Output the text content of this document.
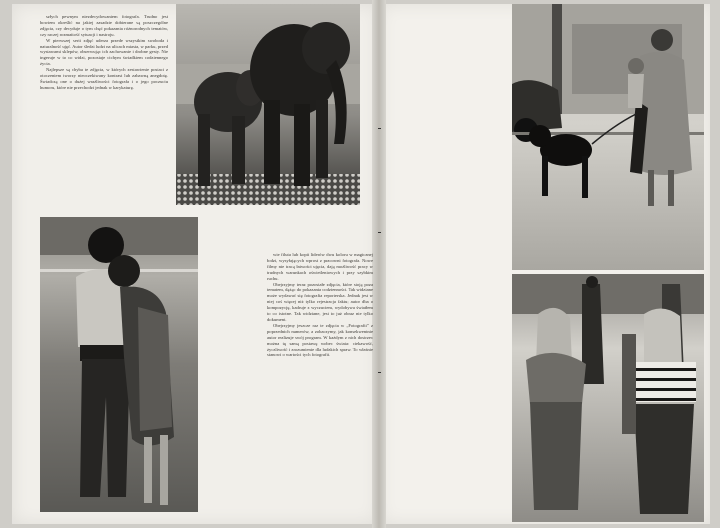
szłych pewnym niezdecydowaniem fotografa. Trudno jest bowiem określić na jakiej zasadzie dobierane są poszczególne zdjęcia, czy decyduje o tym chęć pokazania różnorodnych tematów, czy raczej rozmaitość sytuacji i nastroju.

W pierwszej serii zdjęć uderza przede wszystkim swoboda i naturalność ujęć. Autor śledzi ludzi na ulicach miasta, w parku, przed wystawami sklepów, obserwując ich zachowanie i drobne gesty. Nie ingeruje w to co widzi, pozostaje cichym świadkiem codziennego życia.

Najlepsze są chyba te zdjęcia, w których zestawienie postaci z otoczeniem tworzy nieoczekiwany kontrast lub zabawną anegdotę. Świadczą one o dużej wrażliwości fotografa i o jego poczuciu humoru, które nie przechodzi jednak w karykaturę.

wie filuta lub kopii liderów dwu koloru w magicznej łodzi, wysyłających wprost z pracowni fotografa. Nowe filmy nie tracą łatwości ujęcia, dają możliwość pracy w trudnych warunkach oświetleniowych i przy szybkim ruchu.

Obejrzyjmy teraz pozostałe zdjęcia, które stoją poza tematem, dążąc do pokazania codzienności. Tak widziane może wydawać się fotografia reporterska. Jednak jest w niej coś więcej niż tylko rejestracja faktu; autor dba o kompozycję, kadruje z wyczuciem, wydobywa światłem to co istotne. Tak widziane, jest to już obraz nie tylko dokument.

Obejrzyjmy jeszcze raz te zdjęcia w „Fotografii” z poprzednich numerów, a zobaczymy, jak konsekwentnie autor realizuje swój program. W każdym z nich dostrzec można tę samą postawę wobec świata: ciekawość, życzliwość i zrozumienie dla ludzkich spraw. To właśnie stanowi o wartości tych fotografii.
